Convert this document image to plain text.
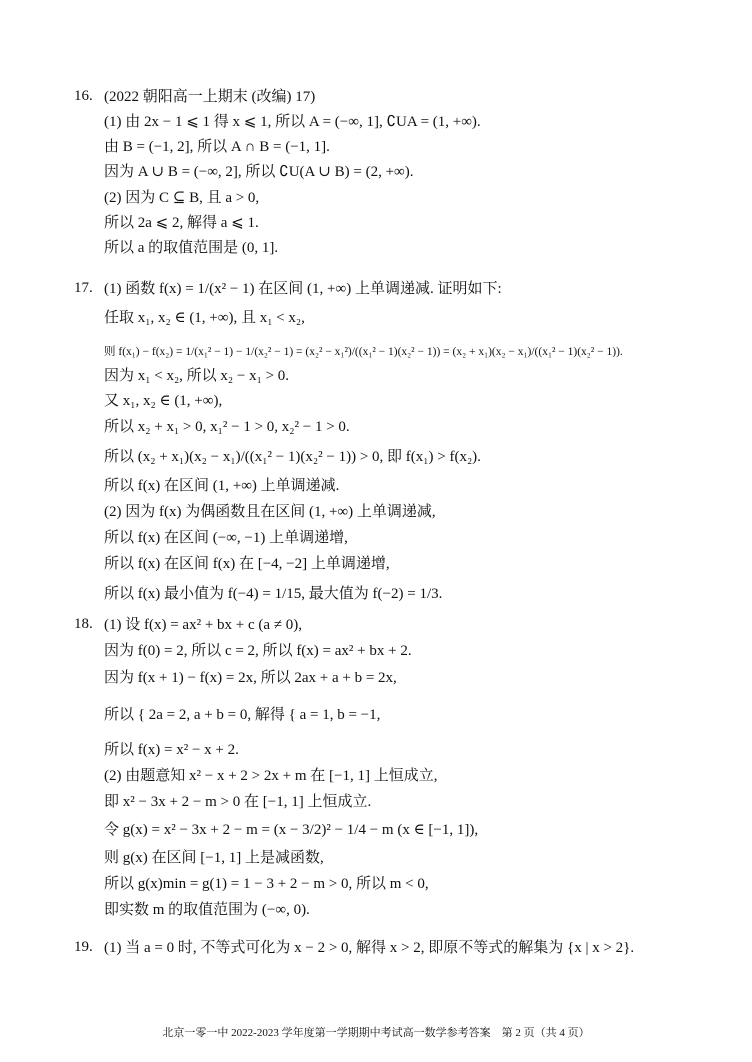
16. (2022 朝阳高一上期末 (改编) 17)
(1) 由 2x − 1 ⩽ 1 得 x ⩽ 1, 所以 A = (−∞, 1], ∁UA = (1, +∞).
由 B = (−1, 2], 所以 A ∩ B = (−1, 1].
因为 A ∪ B = (−∞, 2], 所以 ∁U(A ∪ B) = (2, +∞).
(2) 因为 C ⊆ B, 且 a > 0,
所以 2a ⩽ 2, 解得 a ⩽ 1.
所以 a 的取值范围是 (0, 1].
17. (1) 函数 f(x) = 1/(x² − 1) 在区间 (1, +∞) 上单调递减. 证明如下:
任取 x₁, x₂ ∈ (1, +∞), 且 x₁ < x₂,
则 f(x₁) − f(x₂) = 1/(x₁² − 1) − 1/(x₂² − 1) = (x₂² − x₁²)/((x₁² − 1)(x₂² − 1)) = (x₂ + x₁)(x₂ − x₁)/((x₁² − 1)(x₂² − 1)).
因为 x₁ < x₂, 所以 x₂ − x₁ > 0.
又 x₁, x₂ ∈ (1, +∞),
所以 x₂ + x₁ > 0, x₁² − 1 > 0, x₂² − 1 > 0.
所以 (x₂ + x₁)(x₂ − x₁)/((x₁² − 1)(x₂² − 1)) > 0, 即 f(x₁) > f(x₂).
所以 f(x) 在区间 (1, +∞) 上单调递减.
(2) 因为 f(x) 为偶函数且在区间 (1, +∞) 上单调递减,
所以 f(x) 在区间 (−∞, −1) 上单调递增,
所以 f(x) 在区间 f(x) 在 [−4, −2] 上单调递增,
所以 f(x) 最小值为 f(−4) = 1/15, 最大值为 f(−2) = 1/3.
18. (1) 设 f(x) = ax² + bx + c (a ≠ 0),
因为 f(0) = 2, 所以 c = 2, 所以 f(x) = ax² + bx + 2.
因为 f(x + 1) − f(x) = 2x, 所以 2ax + a + b = 2x,
所以 { 2a = 2, a + b = 0, 解得 { a = 1, b = −1,
所以 f(x) = x² − x + 2.
(2) 由题意知 x² − x + 2 > 2x + m 在 [−1, 1] 上恒成立,
即 x² − 3x + 2 − m > 0 在 [−1, 1] 上恒成立.
令 g(x) = x² − 3x + 2 − m = (x − 3/2)² − 1/4 − m (x ∈ [−1, 1]),
则 g(x) 在区间 [−1, 1] 上是减函数,
所以 g(x)min = g(1) = 1 − 3 + 2 − m > 0, 所以 m < 0,
即实数 m 的取值范围为 (−∞, 0).
19. (1) 当 a = 0 时, 不等式可化为 x − 2 > 0, 解得 x > 2, 即原不等式的解集为 {x | x > 2}.
北京一零一中 2022-2023 学年度第一学期期中考试高一数学参考答案　第 2 页（共 4 页）
